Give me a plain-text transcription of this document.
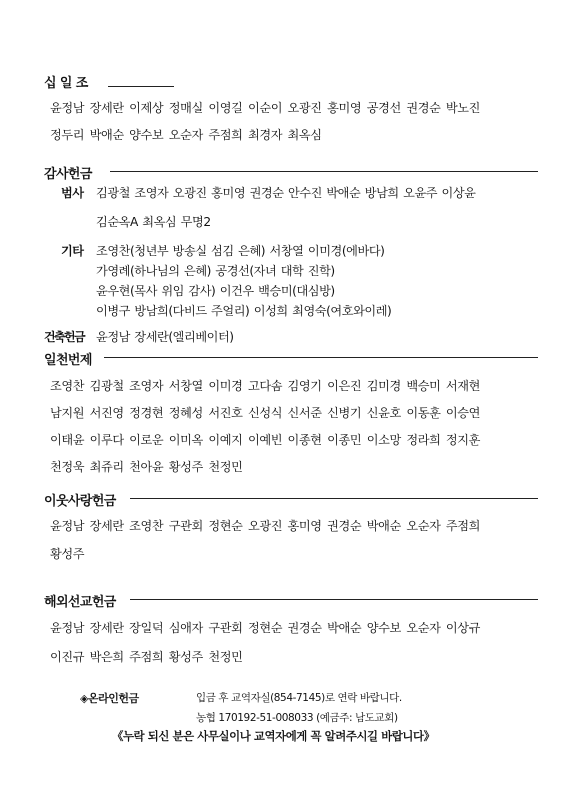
십 일 조
윤정남 장세란 이제상 정매실 이영길 이순이 오광진 홍미영 공경선 권경순 박노진
정두리 박애순 양수보 오순자 주점희 최경자 최옥심
감사헌금
범사 김광철 조영자 오광진 홍미영 권경순 안수진 박애순 방남희 오윤주 이상윤
김순옥A 최옥심 무명2
기타 조영찬(청년부 방송실 섬김 은혜) 서창열 이미경(에바다)
가영례(하나님의 은혜) 공경선(자녀 대학 진학)
윤우현(목사 위임 감사) 이건우 백승미(대심방)
이병구 방남희(다비드 주얼리) 이성희 최영숙(여호와이레)
건축헌금 윤정남 장세란(엘리베이터)
일천번제
조영찬 김광철 조영자 서창열 이미경 고다솜 김영기 이은진 김미경 백승미 서재현
남지원 서진영 정경현 정혜성 서진호 신성식 신서준 신병기 신윤호 이동훈 이승연
이태윤 이루다 이로운 이미옥 이예지 이예빈 이종현 이종민 이소망 정라희 정지훈
천정욱 최쥬리 천아윤 황성주 천정민
이웃사랑헌금
윤정남 장세란 조영찬 구관회 정현순 오광진 홍미영 권경순 박애순 오순자 주점희
황성주
해외선교헌금
윤정남 장세란 장일덕 심애자 구관회 정현순 권경순 박애순 양수보 오순자 이상규
이진규 박은희 주점희 황성주 천정민
◈온라인헌금	입금 후 교역자실(854-7145)로 연락 바랍니다.
농협 170192-51-008033 (예금주: 남도교회)
《누락 되신 분은 사무실이나 교역자에게 꼭 알려주시길 바랍니다》
